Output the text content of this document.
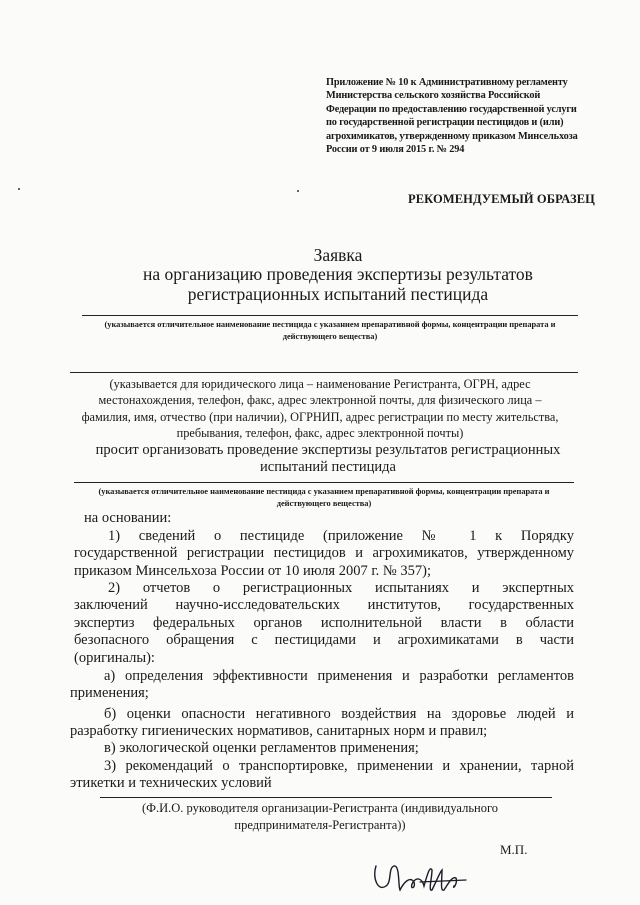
Приложение № 10 к Административному регламенту
Министерства сельского хозяйства Российской
Федерации по предоставлению государственной услуги
по государственной регистрации пестицидов и (или)
агрохимикатов, утвержденному приказом Минсельхоза
России от 9 июля 2015 г. № 294
РЕКОМЕНДУЕМЫЙ ОБРАЗЕЦ
Заявка
на организацию проведения экспертизы результатов
регистрационных испытаний пестицида
(указывается отличительное наименование пестицида с указанием препаративной формы, концентрации препарата и
действующего вещества)
(указывается для юридического лица – наименование Регистранта, ОГРН, адрес
местонахождения, телефон, факс, адрес электронной почты, для физического лица –
фамилия, имя, отчество (при наличии), ОГРНИП, адрес регистрации по месту жительства,
пребывания, телефон, факс, адрес электронной почты)
просит организовать проведение экспертизы результатов регистрационных
испытаний пестицида
(указывается отличительное наименование пестицида с указанием препаративной формы, концентрации препарата и
действующего вещества)
на основании:
1) сведений о пестициде (приложение № 1 к Порядку
государственной регистрации пестицидов и агрохимикатов, утвержденному
приказом Минсельхоза России от 10 июля 2007 г. № 357);
2) отчетов о регистрационных испытаниях и экспертных
заключений научно-исследовательских институтов, государственных
экспертиз федеральных органов исполнительной власти в области
безопасного обращения с пестицидами и агрохимикатами в части
(оригиналы):
а) определения эффективности применения и разработки регламентов
применения;
б) оценки опасности негативного воздействия на здоровье людей и
разработку гигиенических нормативов, санитарных норм и правил;
в) экологической оценки регламентов применения;
3) рекомендаций о транспортировке, применении и хранении, тарной
этикетки и технических условий
(Ф.И.О. руководителя организации-Регистранта (индивидуального
предпринимателя-Регистранта))
М.П.
